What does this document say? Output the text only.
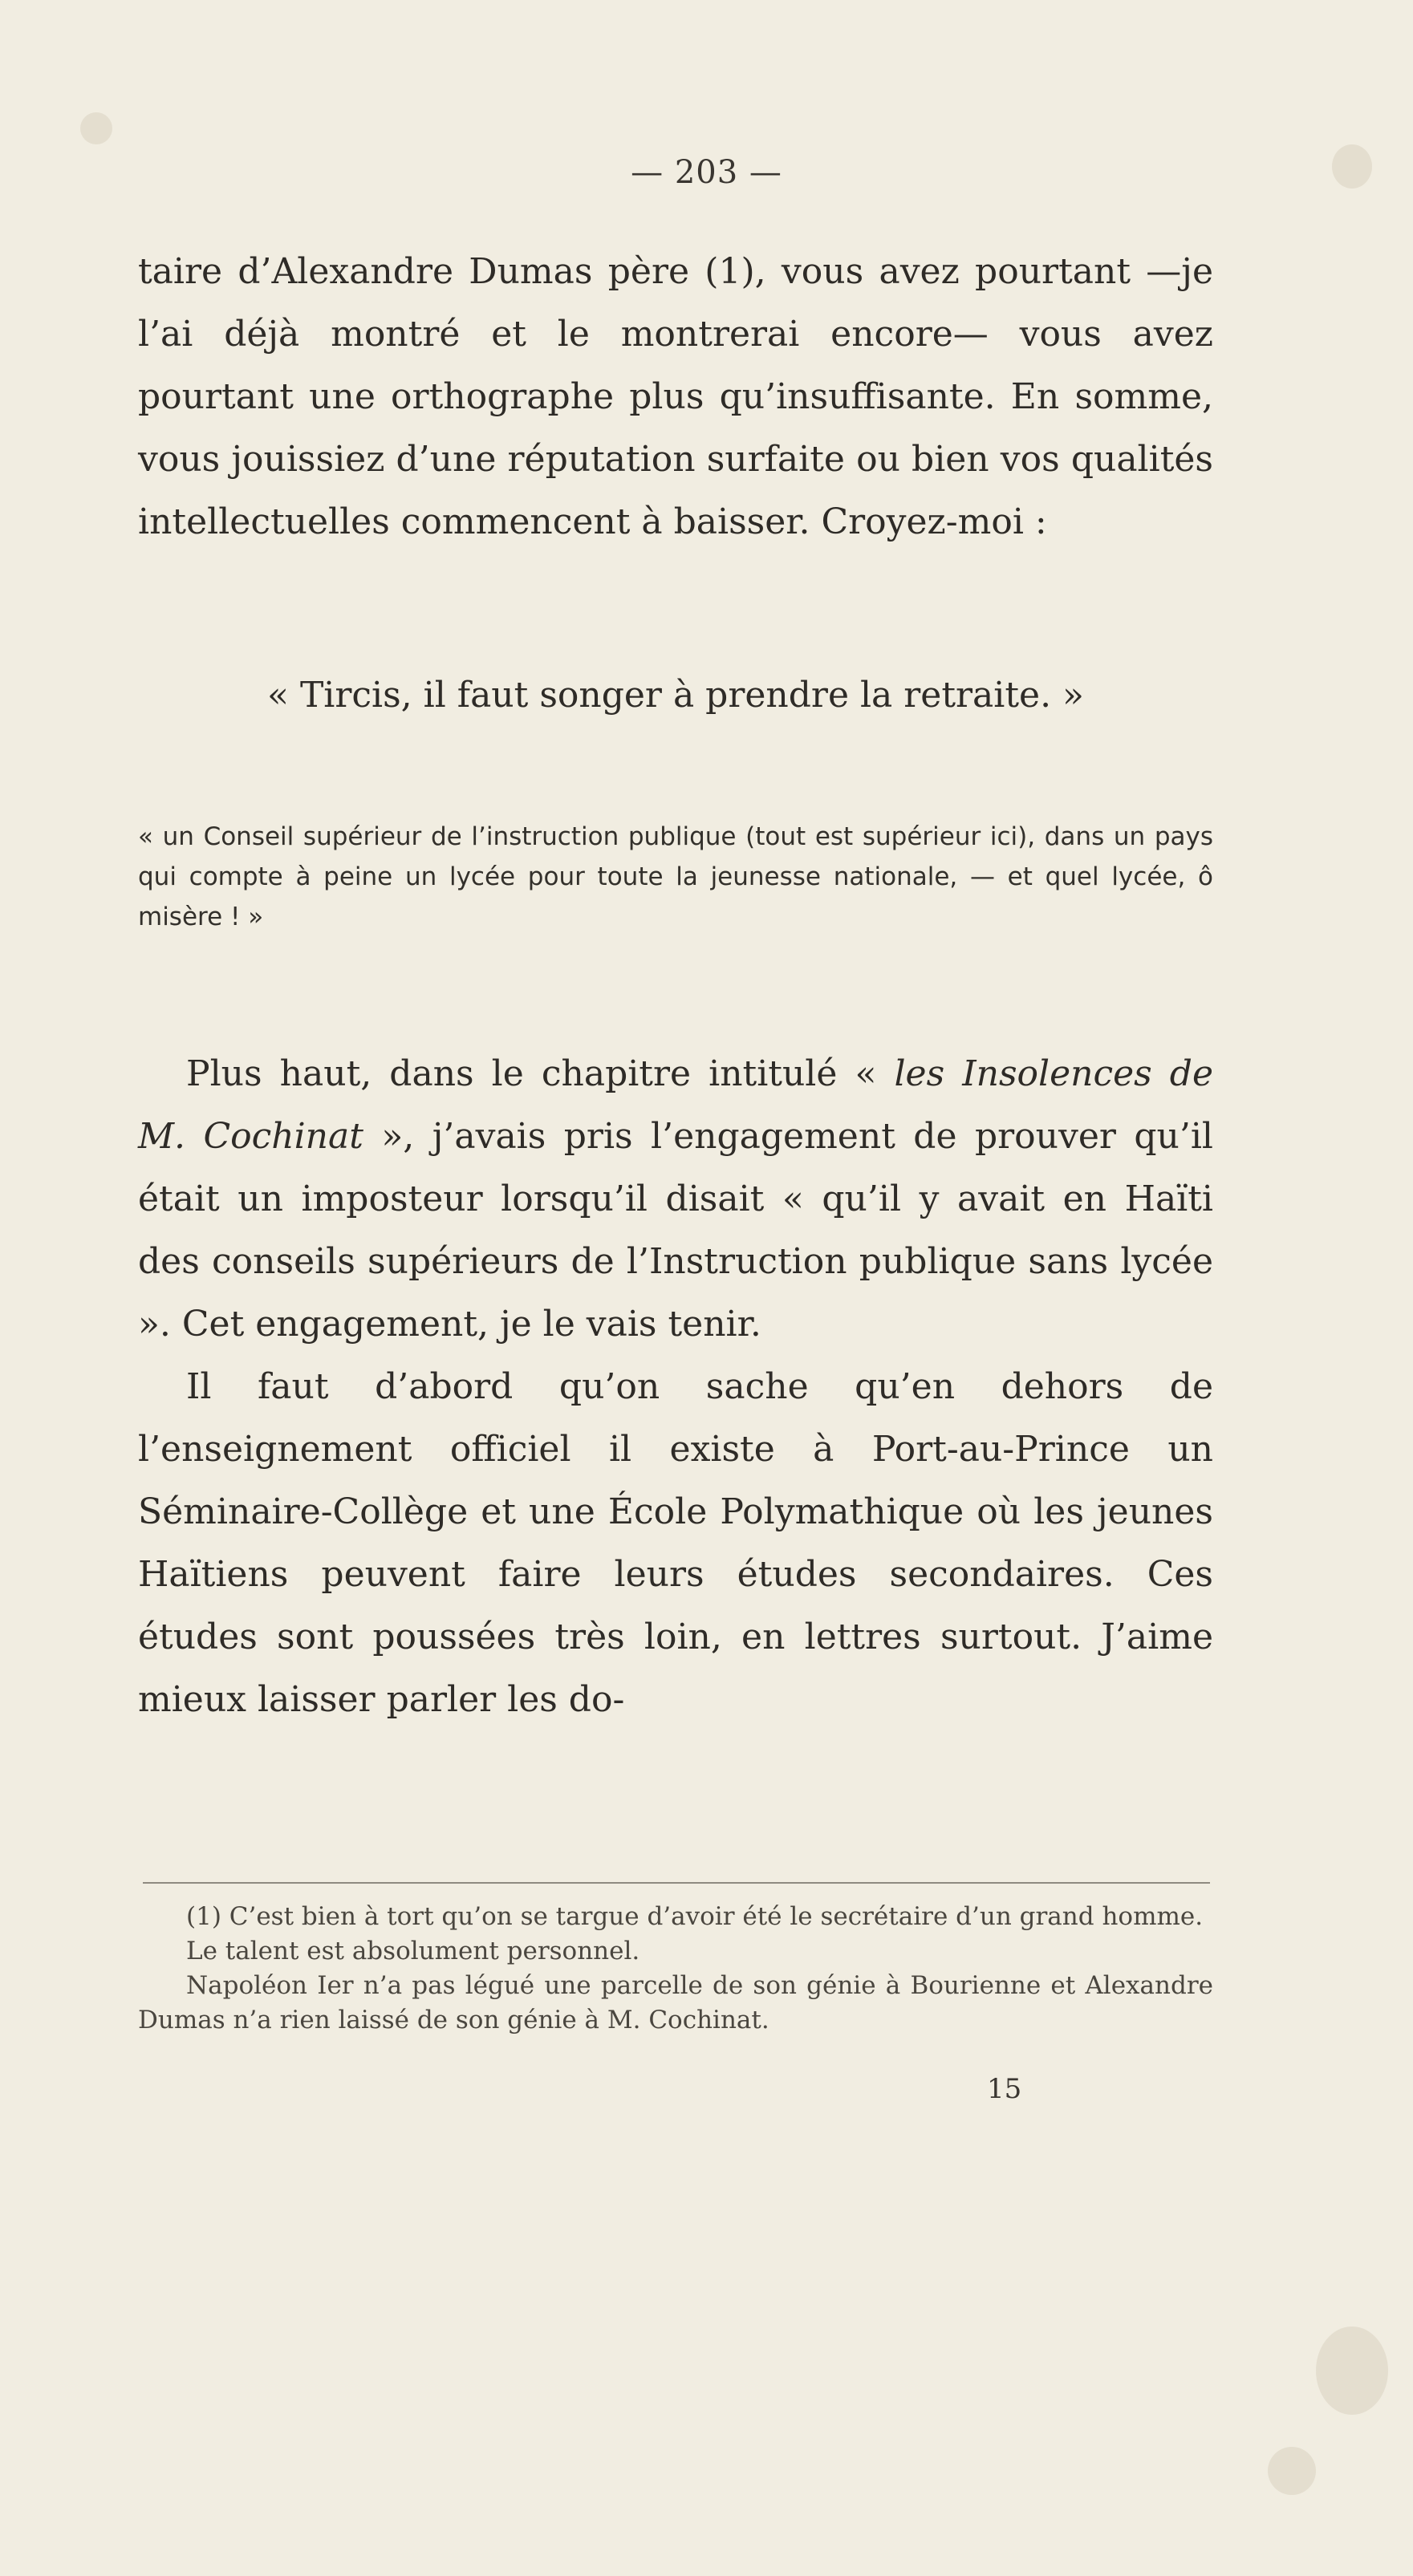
— 203 —

taire d’Alexandre Dumas père (1), vous avez pourtant —je l’ai déjà montré et le montrerai encore— vous avez pourtant une orthographe plus qu’insuffisante. En somme, vous jouissiez d’une réputation surfaite ou bien vos qualités intellectuelles commencent à baisser. Croyez-moi :

« Tircis, il faut songer à prendre la retraite. »

« un Conseil supérieur de l’instruction publique (tout est supérieur ici), dans un pays qui compte à peine un lycée pour toute la jeunesse nationale, — et quel lycée, ô misère ! »

Plus haut, dans le chapitre intitulé « les Insolences de M. Cochinat », j’avais pris l’engagement de prouver qu’il était un imposteur lorsqu’il disait « qu’il y avait en Haïti des conseils supérieurs de l’Instruction publique sans lycée ». Cet engagement, je le vais tenir.

Il faut d’abord qu’on sache qu’en dehors de l’enseignement officiel il existe à Port-au-Prince un Séminaire-Collège et une École Polymathique où les jeunes Haïtiens peuvent faire leurs études secondaires. Ces études sont poussées très loin, en lettres surtout. J’aime mieux laisser parler les do-

(1) C’est bien à tort qu’on se targue d’avoir été le secrétaire d’un grand homme.

Le talent est absolument personnel.

Napoléon Ier n’a pas légué une parcelle de son génie à Bourienne et Alexandre Dumas n’a rien laissé de son génie à M. Cochinat.

15
